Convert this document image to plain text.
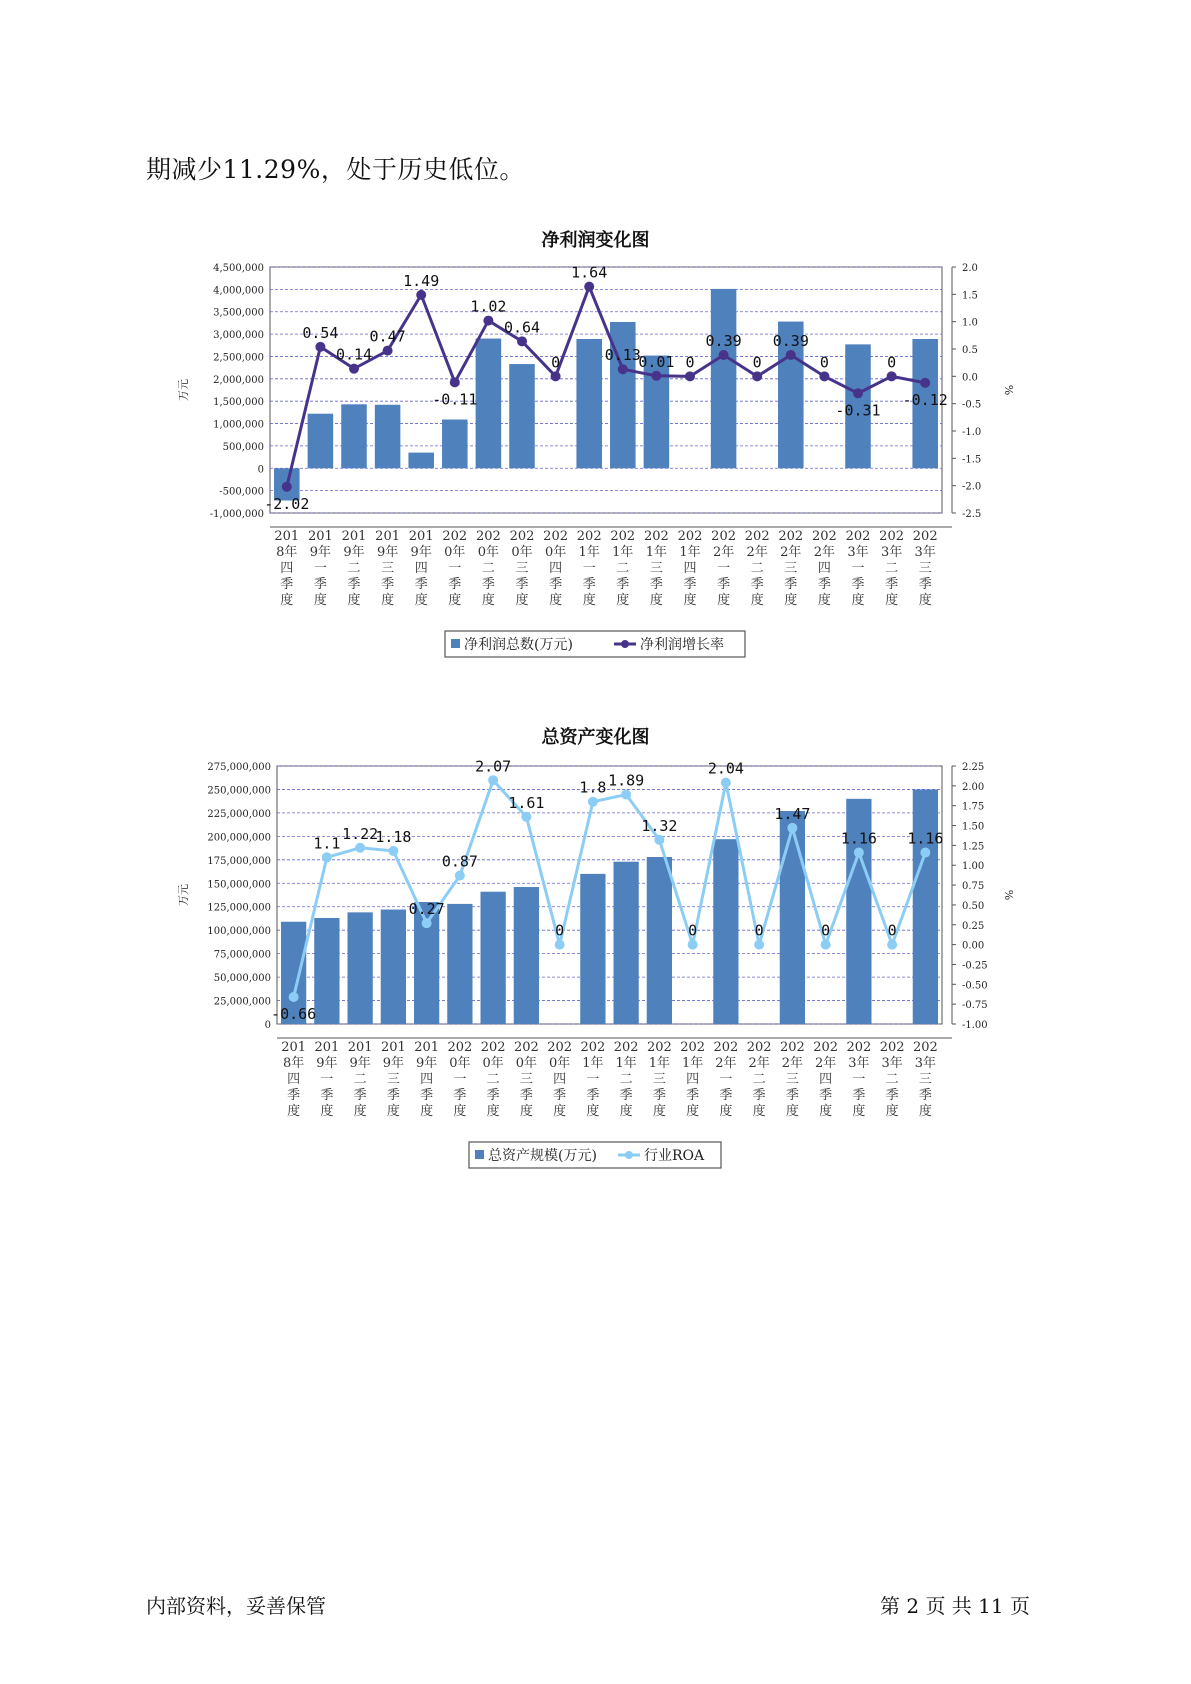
期减少11.29%，处于历史低位。
净利润变化图
4,500,000
4,000,000
3,500,000
3,000,000
2,500,000
2,000,000
1,500,000
1,000,000
500,000
0
-500,000
-1,000,000
2.0
1.5
1.0
0.5
0.0
-0.5
-1.0
-1.5
-2.0
-2.5
万元	%
-2.02
0.54
0.14
0.47
1.49
-0.11
1.02
0.64
0
1.64
0.13
0.01 0
0.39
0
0.39
0
-0.31
0
-0.12
201
8年
四
季
度
201
9年
一
季
度
201
9年
二
季
度
201
9年
三
季
度
201
9年
四
季
度
202
0年
一
季
度
202
0年
二
季
度
202
0年
三
季
度
202
0年
四
季
度
202
1年
一
季
度
202
1年
二
季
度
202
1年
三
季
度
202
1年
四
季
度
202
2年
一
季
度
202
2年
二
季
度
202
2年
三
季
度
202
2年
四
季
度
202
3年
一
季
度
202
3年
二
季
度
202
3年
三
季
度
净利润总数(万元)	净利润增长率
总资产变化图
275,000,000
250,000,000
225,000,000
200,000,000
175,000,000
150,000,000
125,000,000
100,000,000
75,000,000
50,000,000
25,000,000
0
2.25
2.00
1.75
1.50
1.25
1.00
0.75
0.50
0.25
0.00
-0.25
-0.50
-0.75
-1.00
万元	%
-0.66
1.1
1.22
1.18
0.27
0.87
2.07
1.61
0
1.8 1.89
1.32
0
2.04
0
1.47
0
1.16
0
1.16
201
8年
四
季
度
201
9年
一
季
度
201
9年
二
季
度
201
9年
三
季
度
201
9年
四
季
度
202
0年
一
季
度
202
0年
二
季
度
202
0年
三
季
度
202
0年
四
季
度
202
1年
一
季
度
202
1年
二
季
度
202
1年
三
季
度
202
1年
四
季
度
202
2年
一
季
度
202
2年
二
季
度
202
2年
三
季
度
202
2年
四
季
度
202
3年
一
季
度
202
3年
二
季
度
202
3年
三
季
度
总资产规模(万元)	行业ROA
内部资料，妥善保管	第 2 页 共 11 页
